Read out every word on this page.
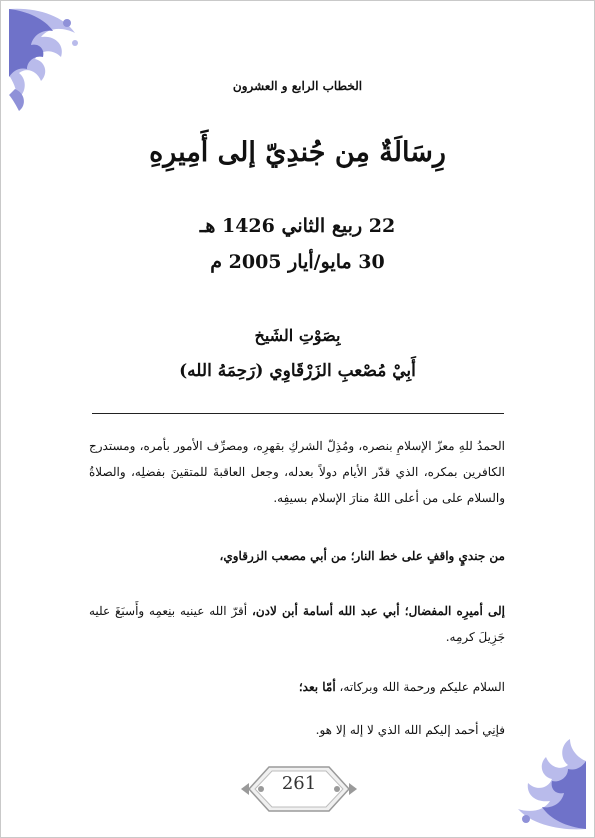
الخطاب الرابع و العشرون
رِسَالَةٌ مِن جُندِيّ إلى أَمِيرِهِ
22 ربيع الثاني 1426 هـ
30 مايو/أيار 2005 م
بِصَوْتِ الشَيخ
أَبِيْ مُصْعبِ الزَرْقَاوِي (رَحِمَهُ الله)
الحمدُ للهِ معزّ الإسلامِ بنصره، ومُذِلّ الشركِ بقهرِه، ومصرِّف الأمور بأمره، ومستدرج الكافرين بمكره، الذي قدّر الأيام دولاً بعدله، وجعل العاقبةَ للمتقينَ بفضلِه، والصلاةُ والسلام على من أعلى اللهُ منارَ الإسلام بسيفِه.
من جنديٍ واقفٍ على خط النار؛ من أبي مصعب الزرقاوي،
إلى أميرِه المفضال؛ أبي عبد الله أسامة أبن لادن، أقرّ الله عينيه بنِعمِه وأَسبَغَ عليه جَزِيلَ كرمِه.
السلام عليكم ورحمة الله وبركاته، أمّا بعد؛
فإنِي أحمد إليكم الله الذي لا إله إلا هو.
261
